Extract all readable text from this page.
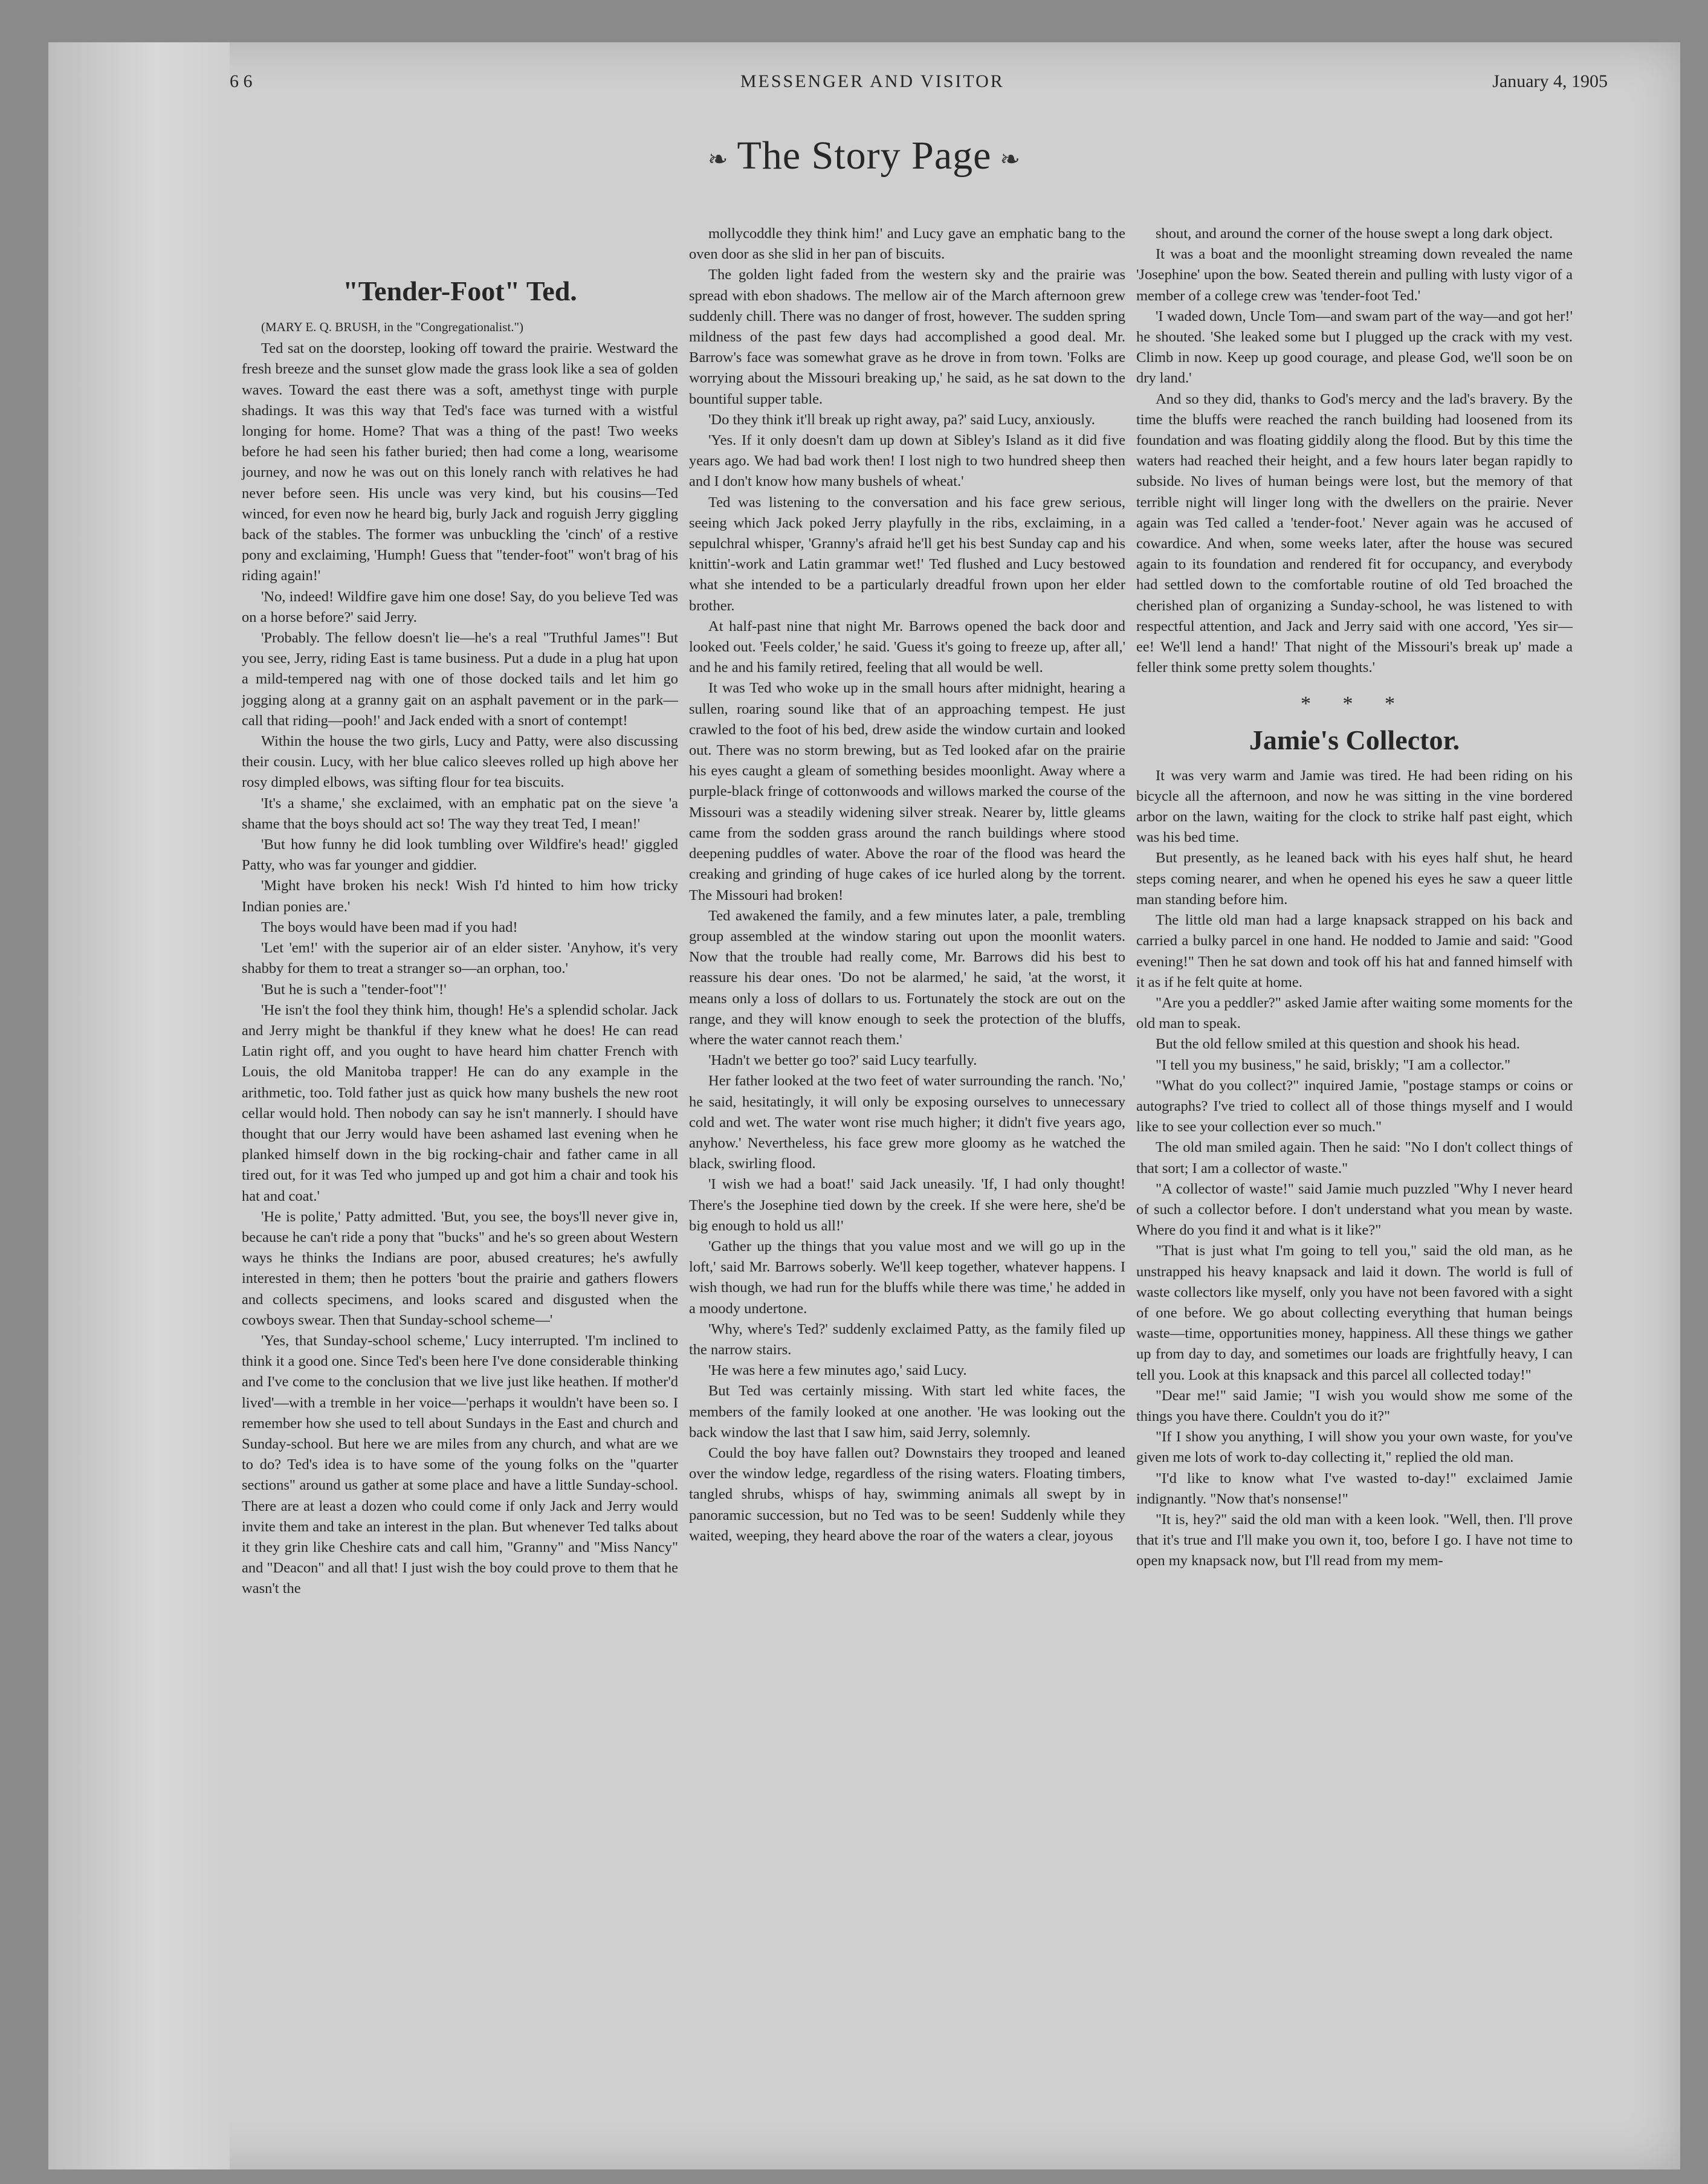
6 6	MESSENGER AND VISITOR	January 4, 1905
❧ The Story Page ❧
"Tender-Foot" Ted.

(MARY E. Q. BRUSH, in the "Congregationalist.")

Ted sat on the doorstep, looking off toward the prairie. Westward the fresh breeze and the sunset glow made the grass look like a sea of golden waves. Toward the east there was a soft, amethyst tinge with purple shadings. It was this way that Ted's face was turned with a wistful longing for home. Home? That was a thing of the past! Two weeks before he had seen his father buried; then had come a long, wearisome journey, and now he was out on this lonely ranch with relatives he had never before seen. His uncle was very kind, but his cousins—Ted winced, for even now he heard big, burly Jack and roguish Jerry giggling back of the stables. The former was unbuckling the 'cinch' of a restive pony and exclaiming, 'Humph! Guess that "tender-foot" won't brag of his riding again!'

'No, indeed! Wildfire gave him one dose! Say, do you believe Ted was on a horse before?' said Jerry.

'Probably. The fellow doesn't lie—he's a real "Truthful James"! But you see, Jerry, riding East is tame business. Put a dude in a plug hat upon a mild-tempered nag with one of those docked tails and let him go jogging along at a granny gait on an asphalt pavement or in the park—call that riding—pooh!' and Jack ended with a snort of contempt!

Within the house the two girls, Lucy and Patty, were also discussing their cousin. Lucy, with her blue calico sleeves rolled up high above her rosy dimpled elbows, was sifting flour for tea biscuits.

'It's a shame,' she exclaimed, with an emphatic pat on the sieve 'a shame that the boys should act so! The way they treat Ted, I mean!'

'But how funny he did look tumbling over Wildfire's head!' giggled Patty, who was far younger and giddier.

'Might have broken his neck! Wish I'd hinted to him how tricky Indian ponies are.'

The boys would have been mad if you had!

'Let 'em!' with the superior air of an elder sister. 'Anyhow, it's very shabby for them to treat a stranger so—an orphan, too.'

'But he is such a "tender-foot"!'

'He isn't the fool they think him, though! He's a splendid scholar. Jack and Jerry might be thankful if they knew what he does! He can read Latin right off, and you ought to have heard him chatter French with Louis, the old Manitoba trapper! He can do any example in the arithmetic, too. Told father just as quick how many bushels the new root cellar would hold. Then nobody can say he isn't mannerly. I should have thought that our Jerry would have been ashamed last evening when he planked himself down in the big rocking-chair and father came in all tired out, for it was Ted who jumped up and got him a chair and took his hat and coat.'

'He is polite,' Patty admitted. 'But, you see, the boys'll never give in, because he can't ride a pony that "bucks" and he's so green about Western ways he thinks the Indians are poor, abused creatures; he's awfully interested in them; then he potters 'bout the prairie and gathers flowers and collects specimens, and looks scared and disgusted when the cowboys swear. Then that Sunday-school scheme—'

'Yes, that Sunday-school scheme,' Lucy interrupted. 'I'm inclined to think it a good one. Since Ted's been here I've done considerable thinking and I've come to the conclusion that we live just like heathen. If mother'd lived'—with a tremble in her voice—'perhaps it wouldn't have been so. I remember how she used to tell about Sundays in the East and church and Sunday-school. But here we are miles from any church, and what are we to do? Ted's idea is to have some of the young folks on the "quarter sections" around us gather at some place and have a little Sunday-school. There are at least a dozen who could come if only Jack and Jerry would invite them and take an interest in the plan. But whenever Ted talks about it they grin like Cheshire cats and call him, "Granny" and "Miss Nancy" and "Deacon" and all that! I just wish the boy could prove to them that he wasn't the

mollycoddle they think him!' and Lucy gave an emphatic bang to the oven door as she slid in her pan of biscuits.

The golden light faded from the western sky and the prairie was spread with ebon shadows. The mellow air of the March afternoon grew suddenly chill. There was no danger of frost, however. The sudden spring mildness of the past few days had accomplished a good deal. Mr. Barrow's face was somewhat grave as he drove in from town. 'Folks are worrying about the Missouri breaking up,' he said, as he sat down to the bountiful supper table.

'Do they think it'll break up right away, pa?' said Lucy, anxiously.

'Yes. If it only doesn't dam up down at Sibley's Island as it did five years ago. We had bad work then! I lost nigh to two hundred sheep then and I don't know how many bushels of wheat.'

Ted was listening to the conversation and his face grew serious, seeing which Jack poked Jerry playfully in the ribs, exclaiming, in a sepulchral whisper, 'Granny's afraid he'll get his best Sunday cap and his knittin'-work and Latin grammar wet!' Ted flushed and Lucy bestowed what she intended to be a particularly dreadful frown upon her elder brother.

At half-past nine that night Mr. Barrows opened the back door and looked out. 'Feels colder,' he said. 'Guess it's going to freeze up, after all,' and he and his family retired, feeling that all would be well.

It was Ted who woke up in the small hours after midnight, hearing a sullen, roaring sound like that of an approaching tempest. He just crawled to the foot of his bed, drew aside the window curtain and looked out. There was no storm brewing, but as Ted looked afar on the prairie his eyes caught a gleam of something besides moonlight. Away where a purple-black fringe of cottonwoods and willows marked the course of the Missouri was a steadily widening silver streak. Nearer by, little gleams came from the sodden grass around the ranch buildings where stood deepening puddles of water. Above the roar of the flood was heard the creaking and grinding of huge cakes of ice hurled along by the torrent. The Missouri had broken!

Ted awakened the family, and a few minutes later, a pale, trembling group assembled at the window staring out upon the moonlit waters. Now that the trouble had really come, Mr. Barrows did his best to reassure his dear ones. 'Do not be alarmed,' he said, 'at the worst, it means only a loss of dollars to us. Fortunately the stock are out on the range, and they will know enough to seek the protection of the bluffs, where the water cannot reach them.'

'Hadn't we better go too?' said Lucy tearfully.

Her father looked at the two feet of water surrounding the ranch. 'No,' he said, hesitatingly, it will only be exposing ourselves to unnecessary cold and wet. The water wont rise much higher; it didn't five years ago, anyhow.' Nevertheless, his face grew more gloomy as he watched the black, swirling flood.

'I wish we had a boat!' said Jack uneasily. 'If, I had only thought! There's the Josephine tied down by the creek. If she were here, she'd be big enough to hold us all!'

'Gather up the things that you value most and we will go up in the loft,' said Mr. Barrows soberly. We'll keep together, whatever happens. I wish though, we had run for the bluffs while there was time,' he added in a moody undertone.

'Why, where's Ted?' suddenly exclaimed Patty, as the family filed up the narrow stairs.

'He was here a few minutes ago,' said Lucy.

But Ted was certainly missing. With start led white faces, the members of the family looked at one another. 'He was looking out the back window the last that I saw him, said Jerry, solemnly.

Could the boy have fallen out? Downstairs they trooped and leaned over the window ledge, regardless of the rising waters. Floating timbers, tangled shrubs, whisps of hay, swimming animals all swept by in panoramic succession, but no Ted was to be seen! Suddenly while they waited, weeping, they heard above the roar of the waters a clear, joyous

shout, and around the corner of the house swept a long dark object.

It was a boat and the moonlight streaming down revealed the name 'Josephine' upon the bow. Seated therein and pulling with lusty vigor of a member of a college crew was 'tender-foot Ted.'

'I waded down, Uncle Tom—and swam part of the way—and got her!' he shouted. 'She leaked some but I plugged up the crack with my vest. Climb in now. Keep up good courage, and please God, we'll soon be on dry land.'

And so they did, thanks to God's mercy and the lad's bravery. By the time the bluffs were reached the ranch building had loosened from its foundation and was floating giddily along the flood. But by this time the waters had reached their height, and a few hours later began rapidly to subside. No lives of human beings were lost, but the memory of that terrible night will linger long with the dwellers on the prairie. Never again was Ted called a 'tender-foot.' Never again was he accused of cowardice. And when, some weeks later, after the house was secured again to its foundation and rendered fit for occupancy, and everybody had settled down to the comfortable routine of old Ted broached the cherished plan of organizing a Sunday-school, he was listened to with respectful attention, and Jack and Jerry said with one accord, 'Yes sir—ee! We'll lend a hand!' That night of the Missouri's break up' made a feller think some pretty solem thoughts.'

* * *
Jamie's Collector.

It was very warm and Jamie was tired. He had been riding on his bicycle all the afternoon, and now he was sitting in the vine bordered arbor on the lawn, waiting for the clock to strike half past eight, which was his bed time.

But presently, as he leaned back with his eyes half shut, he heard steps coming nearer, and when he opened his eyes he saw a queer little man standing before him.

The little old man had a large knapsack strapped on his back and carried a bulky parcel in one hand. He nodded to Jamie and said: "Good evening!" Then he sat down and took off his hat and fanned himself with it as if he felt quite at home.

"Are you a peddler?" asked Jamie after waiting some moments for the old man to speak.

But the old fellow smiled at this question and shook his head.

"I tell you my business," he said, briskly; "I am a collector."

"What do you collect?" inquired Jamie, "postage stamps or coins or autographs? I've tried to collect all of those things myself and I would like to see your collection ever so much."

The old man smiled again. Then he said: "No I don't collect things of that sort; I am a collector of waste."

"A collector of waste!" said Jamie much puzzled "Why I never heard of such a collector before. I don't understand what you mean by waste. Where do you find it and what is it like?"

"That is just what I'm going to tell you," said the old man, as he unstrapped his heavy knapsack and laid it down. The world is full of waste collectors like myself, only you have not been favored with a sight of one before. We go about collecting everything that human beings waste—time, opportunities money, happiness. All these things we gather up from day to day, and sometimes our loads are frightfully heavy, I can tell you. Look at this knapsack and this parcel all collected today!"

"Dear me!" said Jamie; "I wish you would show me some of the things you have there. Couldn't you do it?"

"If I show you anything, I will show you your own waste, for you've given me lots of work to-day collecting it," replied the old man.

"I'd like to know what I've wasted to-day!" exclaimed Jamie indignantly. "Now that's nonsense!"

"It is, hey?" said the old man with a keen look. "Well, then. I'll prove that it's true and I'll make you own it, too, before I go. I have not time to open my knapsack now, but I'll read from my mem-
